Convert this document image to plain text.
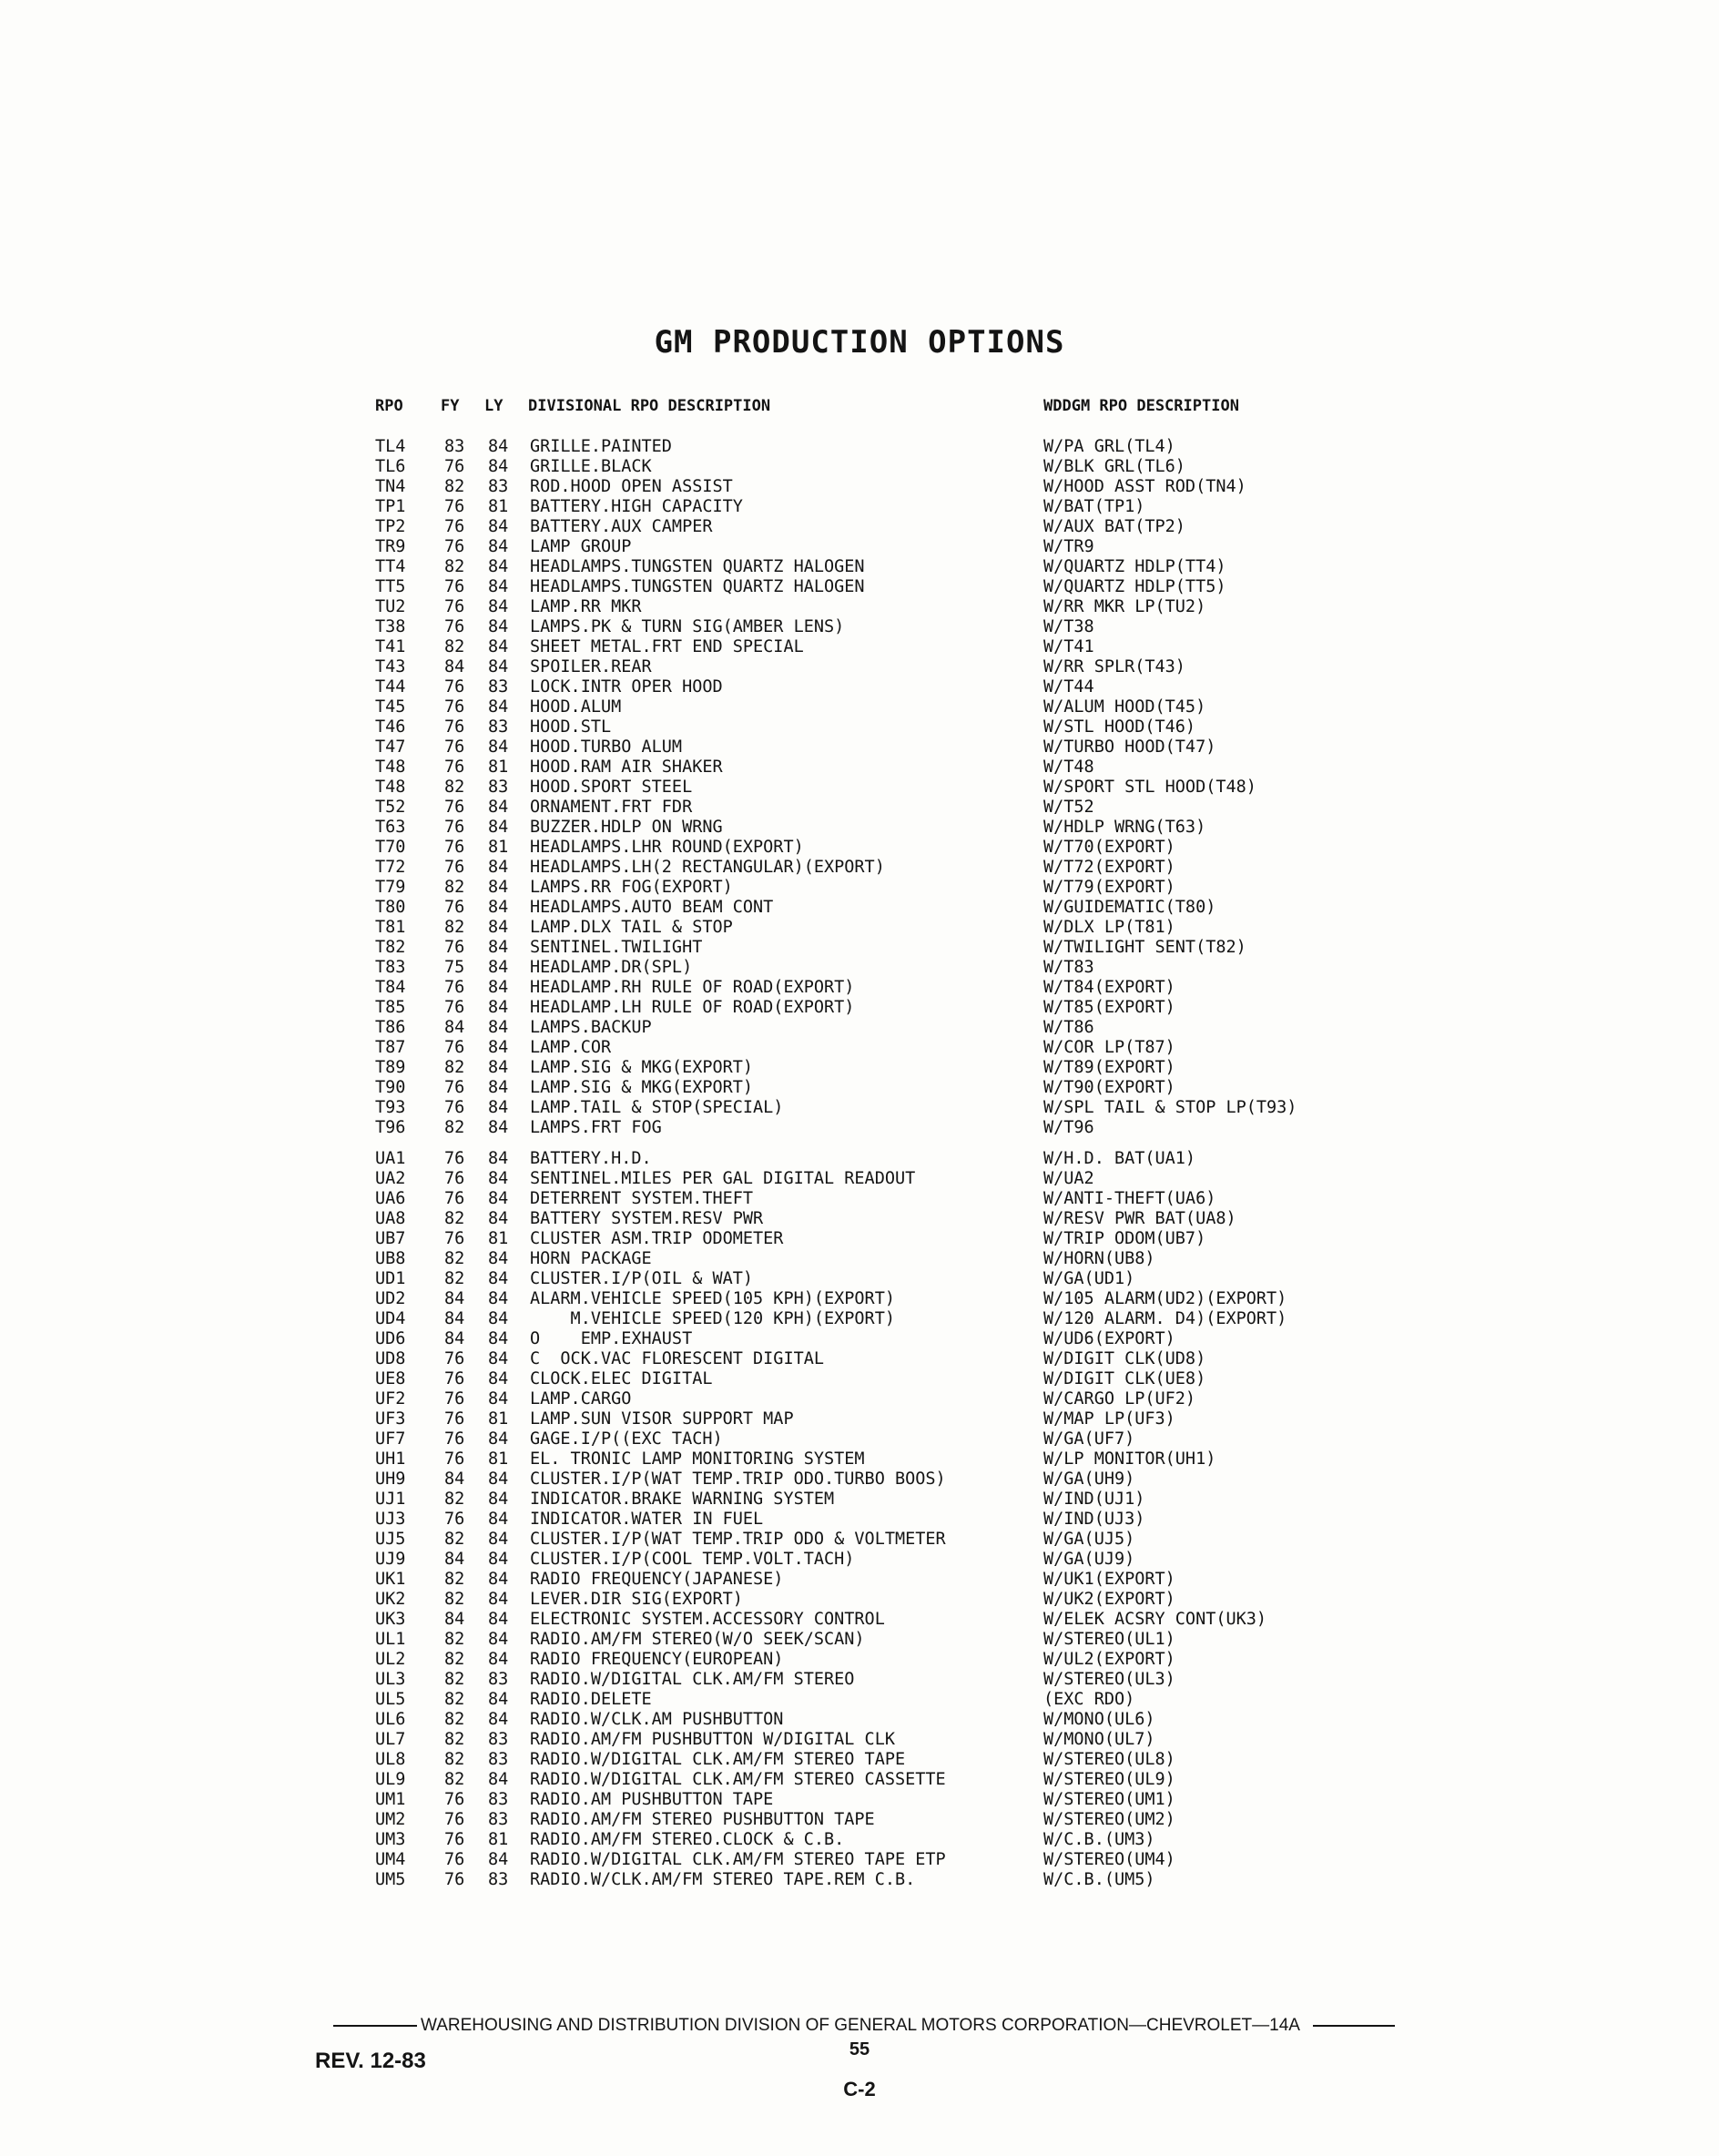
GM PRODUCTION OPTIONS
RPO FY LY DIVISIONAL RPO DESCRIPTION	WDDGM RPO DESCRIPTION
TL4 83 84 GRILLE.PAINTED	W/PA GRL(TL4)
TL6 76 84 GRILLE.BLACK	W/BLK GRL(TL6)
TN4 82 83 ROD.HOOD OPEN ASSIST	W/HOOD ASST ROD(TN4)
TP1 76 81 BATTERY.HIGH CAPACITY	W/BAT(TP1)
TP2 76 84 BATTERY.AUX CAMPER	W/AUX BAT(TP2)
TR9 76 84 LAMP GROUP	W/TR9
TT4 82 84 HEADLAMPS.TUNGSTEN QUARTZ HALOGEN	W/QUARTZ HDLP(TT4)
TT5 76 84 HEADLAMPS.TUNGSTEN QUARTZ HALOGEN	W/QUARTZ HDLP(TT5)
TU2 76 84 LAMP.RR MKR	W/RR MKR LP(TU2)
T38 76 84 LAMPS.PK & TURN SIG(AMBER LENS)	W/T38
T41 82 84 SHEET METAL.FRT END SPECIAL	W/T41
T43 84 84 SPOILER.REAR	W/RR SPLR(T43)
T44 76 83 LOCK.INTR OPER HOOD	W/T44
T45 76 84 HOOD.ALUM	W/ALUM HOOD(T45)
T46 76 83 HOOD.STL	W/STL HOOD(T46)
T47 76 84 HOOD.TURBO ALUM	W/TURBO HOOD(T47)
T48 76 81 HOOD.RAM AIR SHAKER	W/T48
T48 82 83 HOOD.SPORT STEEL	W/SPORT STL HOOD(T48)
T52 76 84 ORNAMENT.FRT FDR	W/T52
T63 76 84 BUZZER.HDLP ON WRNG	W/HDLP WRNG(T63)
T70 76 81 HEADLAMPS.LHR ROUND(EXPORT)	W/T70(EXPORT)
T72 76 84 HEADLAMPS.LH(2 RECTANGULAR)(EXPORT)	W/T72(EXPORT)
T79 82 84 LAMPS.RR FOG(EXPORT)	W/T79(EXPORT)
T80 76 84 HEADLAMPS.AUTO BEAM CONT	W/GUIDEMATIC(T80)
T81 82 84 LAMP.DLX TAIL & STOP	W/DLX LP(T81)
T82 76 84 SENTINEL.TWILIGHT	W/TWILIGHT SENT(T82)
T83 75 84 HEADLAMP.DR(SPL)	W/T83
T84 76 84 HEADLAMP.RH RULE OF ROAD(EXPORT)	W/T84(EXPORT)
T85 76 84 HEADLAMP.LH RULE OF ROAD(EXPORT)	W/T85(EXPORT)
T86 84 84 LAMPS.BACKUP	W/T86
T87 76 84 LAMP.COR	W/COR LP(T87)
T89 82 84 LAMP.SIG & MKG(EXPORT)	W/T89(EXPORT)
T90 76 84 LAMP.SIG & MKG(EXPORT)	W/T90(EXPORT)
T93 76 84 LAMP.TAIL & STOP(SPECIAL)	W/SPL TAIL & STOP LP(T93)
T96 82 84 LAMPS.FRT FOG	W/T96
UA1 76 84 BATTERY.H.D.	W/H.D. BAT(UA1)
UA2 76 84 SENTINEL.MILES PER GAL DIGITAL READOUT	W/UA2
UA6 76 84 DETERRENT SYSTEM.THEFT	W/ANTI-THEFT(UA6)
UA8 82 84 BATTERY SYSTEM.RESV PWR	W/RESV PWR BAT(UA8)
UB7 76 81 CLUSTER ASM.TRIP ODOMETER	W/TRIP ODOM(UB7)
UB8 82 84 HORN PACKAGE	W/HORN(UB8)
UD1 82 84 CLUSTER.I/P(OIL & WAT)	W/GA(UD1)
UD2 84 84 ALARM.VEHICLE SPEED(105 KPH)(EXPORT)	W/105 ALARM(UD2)(EXPORT)
UD4 84 84 M.VEHICLE SPEED(120 KPH)(EXPORT)	W/120 ALARM. D4)(EXPORT)
UD6 84 84 O    EMP.EXHAUST	W/UD6(EXPORT)
UD8 76 84 C  OCK.VAC FLORESCENT DIGITAL	W/DIGIT CLK(UD8)
UE8 76 84 CLOCK.ELEC DIGITAL	W/DIGIT CLK(UE8)
UF2 76 84 LAMP.CARGO	W/CARGO LP(UF2)
UF3 76 81 LAMP.SUN VISOR SUPPORT MAP	W/MAP LP(UF3)
UF7 76 84 GAGE.I/P((EXC TACH)	W/GA(UF7)
UH1 76 81 EL. TRONIC LAMP MONITORING SYSTEM	W/LP MONITOR(UH1)
UH9 84 84 CLUSTER.I/P(WAT TEMP.TRIP ODO.TURBO BOOS)	W/GA(UH9)
UJ1 82 84 INDICATOR.BRAKE WARNING SYSTEM	W/IND(UJ1)
UJ3 76 84 INDICATOR.WATER IN FUEL	W/IND(UJ3)
UJ5 82 84 CLUSTER.I/P(WAT TEMP.TRIP ODO & VOLTMETER	W/GA(UJ5)
UJ9 84 84 CLUSTER.I/P(COOL TEMP.VOLT.TACH)	W/GA(UJ9)
UK1 82 84 RADIO FREQUENCY(JAPANESE)	W/UK1(EXPORT)
UK2 82 84 LEVER.DIR SIG(EXPORT)	W/UK2(EXPORT)
UK3 84 84 ELECTRONIC SYSTEM.ACCESSORY CONTROL	W/ELEK ACSRY CONT(UK3)
UL1 82 84 RADIO.AM/FM STEREO(W/O SEEK/SCAN)	W/STEREO(UL1)
UL2 82 84 RADIO FREQUENCY(EUROPEAN)	W/UL2(EXPORT)
UL3 82 83 RADIO.W/DIGITAL CLK.AM/FM STEREO	W/STEREO(UL3)
UL5 82 84 RADIO.DELETE	(EXC RDO)
UL6 82 84 RADIO.W/CLK.AM PUSHBUTTON	W/MONO(UL6)
UL7 82 83 RADIO.AM/FM PUSHBUTTON W/DIGITAL CLK	W/MONO(UL7)
UL8 82 83 RADIO.W/DIGITAL CLK.AM/FM STEREO TAPE	W/STEREO(UL8)
UL9 82 84 RADIO.W/DIGITAL CLK.AM/FM STEREO CASSETTE	W/STEREO(UL9)
UM1 76 83 RADIO.AM PUSHBUTTON TAPE	W/STEREO(UM1)
UM2 76 83 RADIO.AM/FM STEREO PUSHBUTTON TAPE	W/STEREO(UM2)
UM3 76 81 RADIO.AM/FM STEREO.CLOCK & C.B.	W/C.B.(UM3)
UM4 76 84 RADIO.W/DIGITAL CLK.AM/FM STEREO TAPE ETP	W/STEREO(UM4)
UM5 76 83 RADIO.W/CLK.AM/FM STEREO TAPE.REM C.B.	W/C.B.(UM5)
WAREHOUSING AND DISTRIBUTION DIVISION OF GENERAL MOTORS CORPORATION—CHEVROLET—14A
REV. 12-83	55
C-2
